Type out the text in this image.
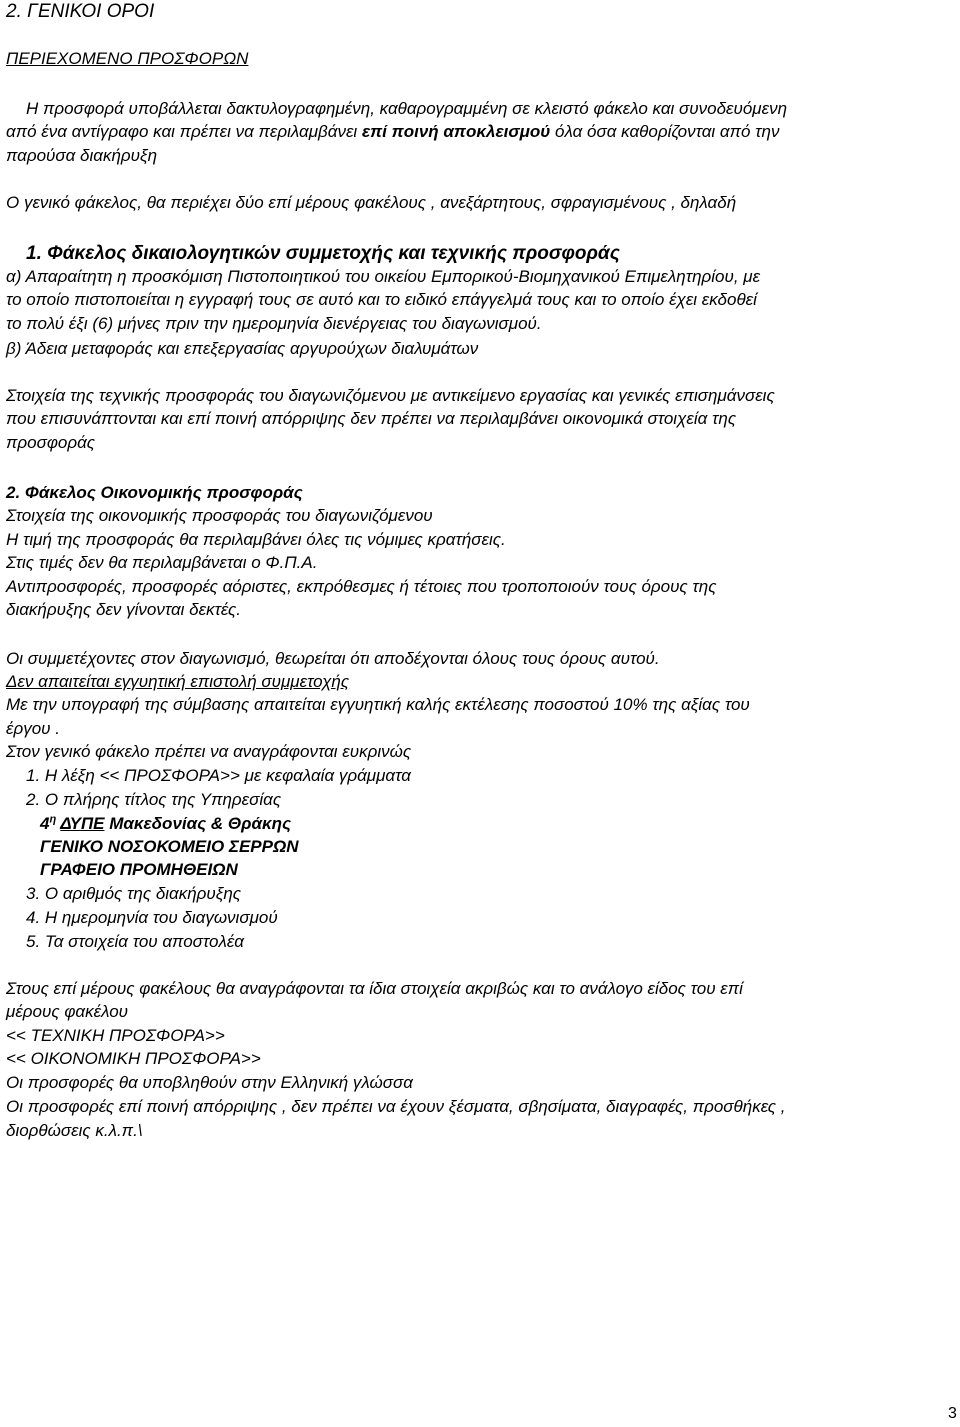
2. ΓΕΝΙΚΟΙ ΟΡΟΙ
ΠΕΡΙΕΧΟΜΕΝΟ ΠΡΟΣΦΟΡΩΝ
Η προσφορά υποβάλλεται δακτυλογραφημένη, καθαρογραμμένη σε κλειστό φάκελο και συνοδευόμενη
από ένα αντίγραφο και πρέπει να περιλαμβάνει επί ποινή αποκλεισμού όλα όσα καθορίζονται από την
παρούσα διακήρυξη
Ο γενικό φάκελος, θα περιέχει δύο επί μέρους φακέλους , ανεξάρτητους, σφραγισμένους , δηλαδή
1. Φάκελος δικαιολογητικών συμμετοχής και τεχνικής προσφοράς
α) Απαραίτητη η προσκόμιση Πιστοποιητικού του οικείου Εμπορικού-Βιομηχανικού Επιμελητηρίου, με
το οποίο πιστοποιείται η εγγραφή τους σε αυτό και το ειδικό επάγγελμά τους και το οποίο έχει εκδοθεί
το πολύ έξι (6) μήνες πριν την ημερομηνία διενέργειας του διαγωνισμού.
β) Άδεια μεταφοράς και επεξεργασίας αργυρούχων διαλυμάτων
Στοιχεία της τεχνικής προσφοράς του διαγωνιζόμενου με αντικείμενο εργασίας και γενικές επισημάνσεις
που επισυνάπτονται και επί ποινή απόρριψης δεν πρέπει να περιλαμβάνει οικονομικά στοιχεία της
προσφοράς
2. Φάκελος Οικονομικής προσφοράς
Στοιχεία της οικονομικής προσφοράς του διαγωνιζόμενου
Η τιμή της προσφοράς θα περιλαμβάνει όλες τις νόμιμες κρατήσεις.
Στις τιμές δεν θα περιλαμβάνεται ο Φ.Π.Α.
Αντιπροσφορές, προσφορές αόριστες, εκπρόθεσμες ή τέτοιες που τροποποιούν τους όρους της
διακήρυξης δεν γίνονται δεκτές.
Οι συμμετέχοντες στον διαγωνισμό, θεωρείται ότι αποδέχονται όλους τους όρους αυτού.
Δεν απαιτείται εγγυητική επιστολή συμμετοχής
Με την υπογραφή της σύμβασης απαιτείται εγγυητική καλής εκτέλεσης ποσοστού 10% της αξίας του
έργου .
Στον γενικό φάκελο πρέπει να αναγράφονται ευκρινώς
1. Η λέξη << ΠΡΟΣΦΟΡΑ>> με κεφαλαία γράμματα
2. Ο πλήρης τίτλος της Υπηρεσίας
$4^\eta$ ΔΥΠΕ Μακεδονίας & Θράκης
ΓΕΝΙΚΟ ΝΟΣΟΚΟΜΕΙΟ ΣΕΡΡΩΝ
ΓΡΑΦΕΙΟ ΠΡΟΜΗΘΕΙΩΝ
3. Ο αριθμός της διακήρυξης
4. Η ημερομηνία του διαγωνισμού
5. Τα στοιχεία του αποστολέα
Στους επί μέρους φακέλους θα αναγράφονται τα ίδια στοιχεία ακριβώς και το ανάλογο είδος του επί
μέρους φακέλου
<< ΤΕΧΝΙΚΗ ΠΡΟΣΦΟΡΑ>>
<< ΟΙΚΟΝΟΜΙΚΗ ΠΡΟΣΦΟΡΑ>>
Οι προσφορές θα υποβληθούν στην Ελληνική γλώσσα
Οι προσφορές επί ποινή απόρριψης , δεν πρέπει να έχουν ξέσματα, σβησίματα, διαγραφές, προσθήκες ,
διορθώσεις κ.λ.π.\
3
